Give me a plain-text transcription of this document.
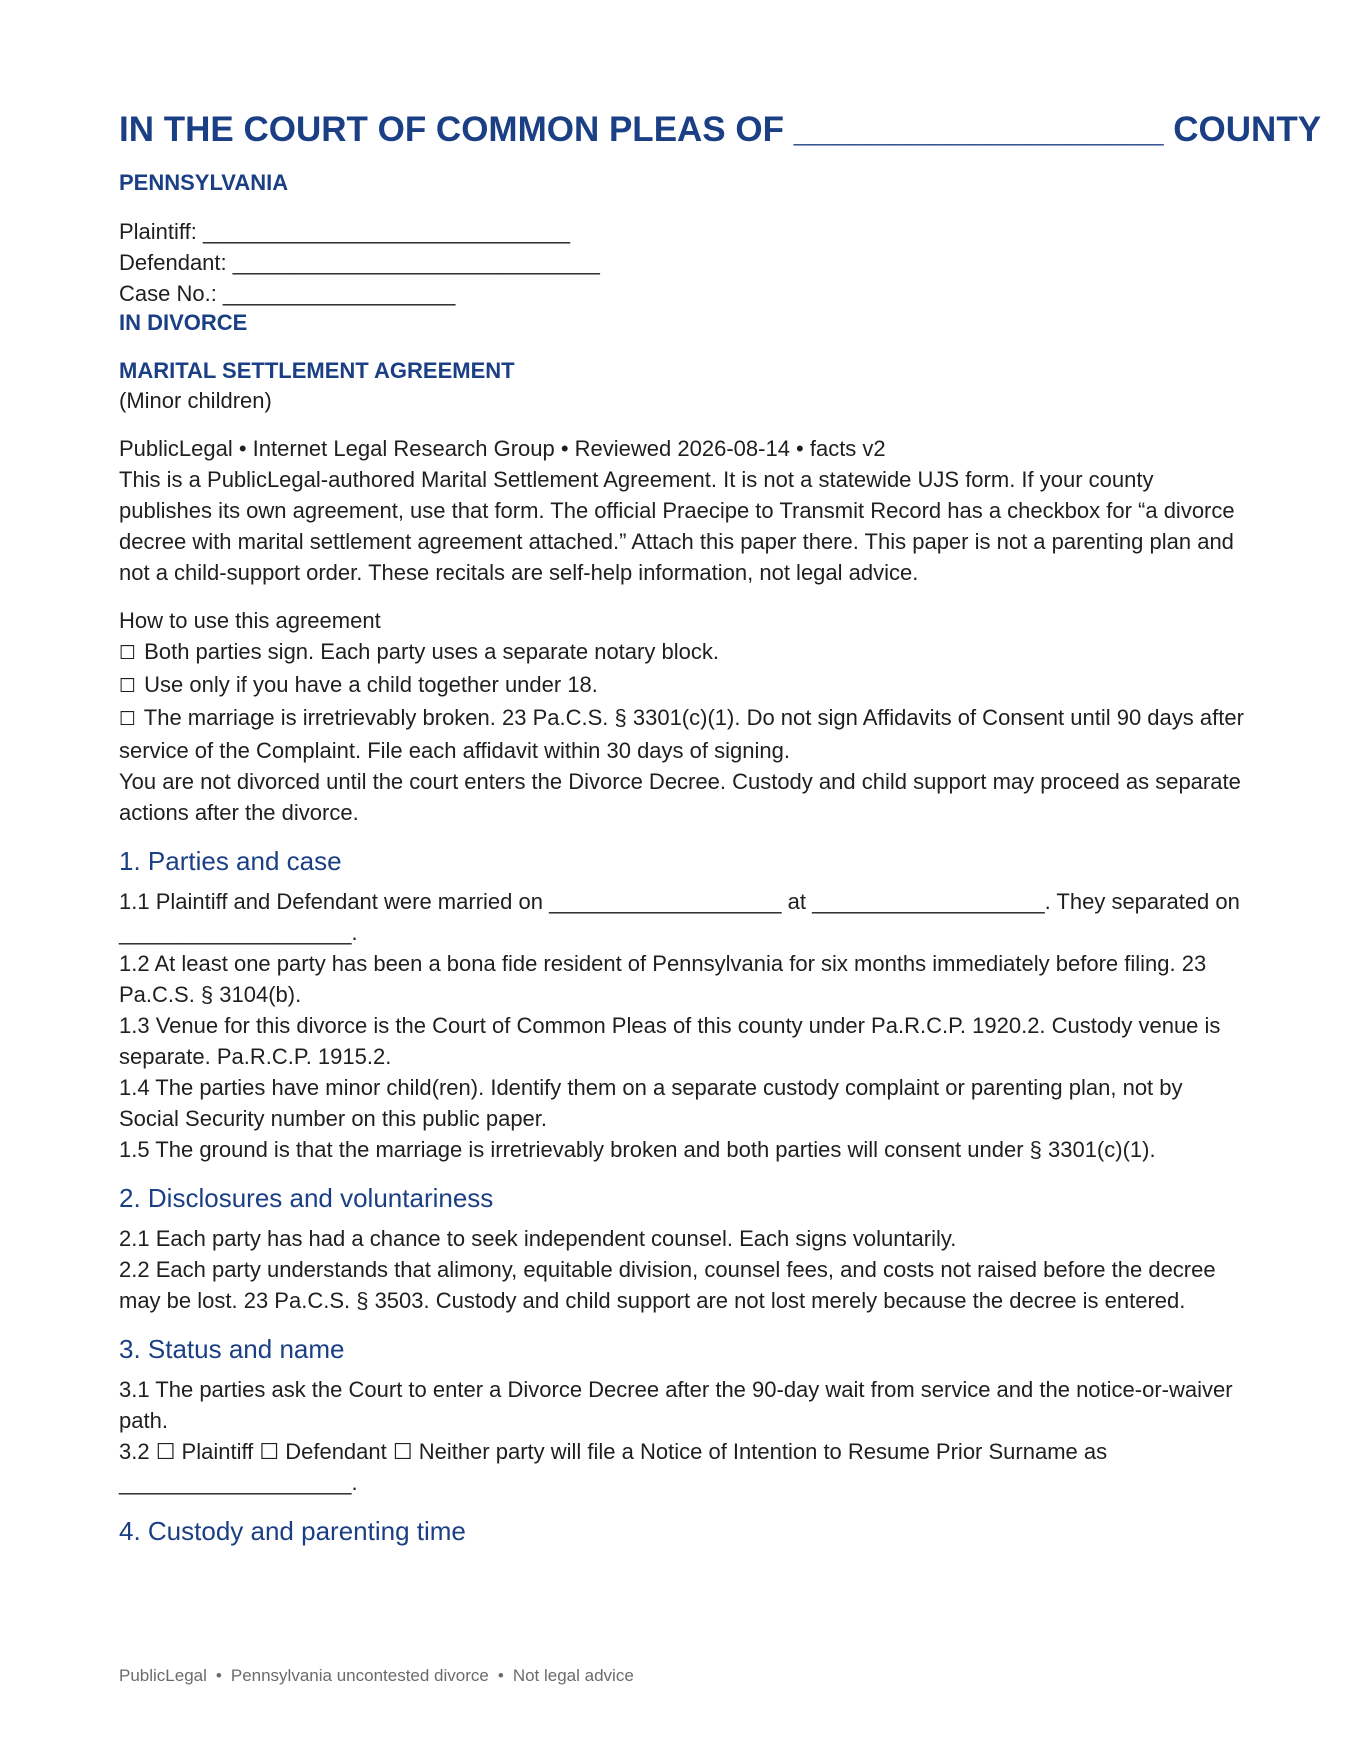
IN THE COURT OF COMMON PLEAS OF ___________________ COUNTY
PENNSYLVANIA

Plaintiff: ______________________________

Defendant: ______________________________

Case No.: ___________________

IN DIVORCE

MARITAL SETTLEMENT AGREEMENT

(Minor children)

PublicLegal • Internet Legal Research Group • Reviewed 2026-08-14 • facts v2

This is a PublicLegal-authored Marital Settlement Agreement. It is not a statewide UJS form. If your county publishes its own agreement, use that form. The official Praecipe to Transmit Record has a checkbox for “a divorce decree with marital settlement agreement attached.” Attach this paper there. This paper is not a parenting plan and not a child-support order. These recitals are self-help information, not legal advice.

How to use this agreement

☐ Both parties sign. Each party uses a separate notary block.

☐ Use only if you have a child together under 18.

☐ The marriage is irretrievably broken. 23 Pa.C.S. § 3301(c)(1). Do not sign Affidavits of Consent until 90 days after service of the Complaint. File each affidavit within 30 days of signing.

You are not divorced until the court enters the Divorce Decree. Custody and child support may proceed as separate actions after the divorce.

1. Parties and case

1.1 Plaintiff and Defendant were married on ___________________ at ___________________. They separated on ___________________.

1.2 At least one party has been a bona fide resident of Pennsylvania for six months immediately before filing. 23 Pa.C.S. § 3104(b).

1.3 Venue for this divorce is the Court of Common Pleas of this county under Pa.R.C.P. 1920.2. Custody venue is separate. Pa.R.C.P. 1915.2.

1.4 The parties have minor child(ren). Identify them on a separate custody complaint or parenting plan, not by Social Security number on this public paper.

1.5 The ground is that the marriage is irretrievably broken and both parties will consent under § 3301(c)(1).

2. Disclosures and voluntariness

2.1 Each party has had a chance to seek independent counsel. Each signs voluntarily.

2.2 Each party understands that alimony, equitable division, counsel fees, and costs not raised before the decree may be lost. 23 Pa.C.S. § 3503. Custody and child support are not lost merely because the decree is entered.

3. Status and name

3.1 The parties ask the Court to enter a Divorce Decree after the 90-day wait from service and the notice-or-waiver path.

3.2 ☐ Plaintiff ☐ Defendant ☐ Neither party will file a Notice of Intention to Resume Prior Surname as ___________________.

4. Custody and parenting time
PublicLegal • Pennsylvania uncontested divorce • Not legal advice
